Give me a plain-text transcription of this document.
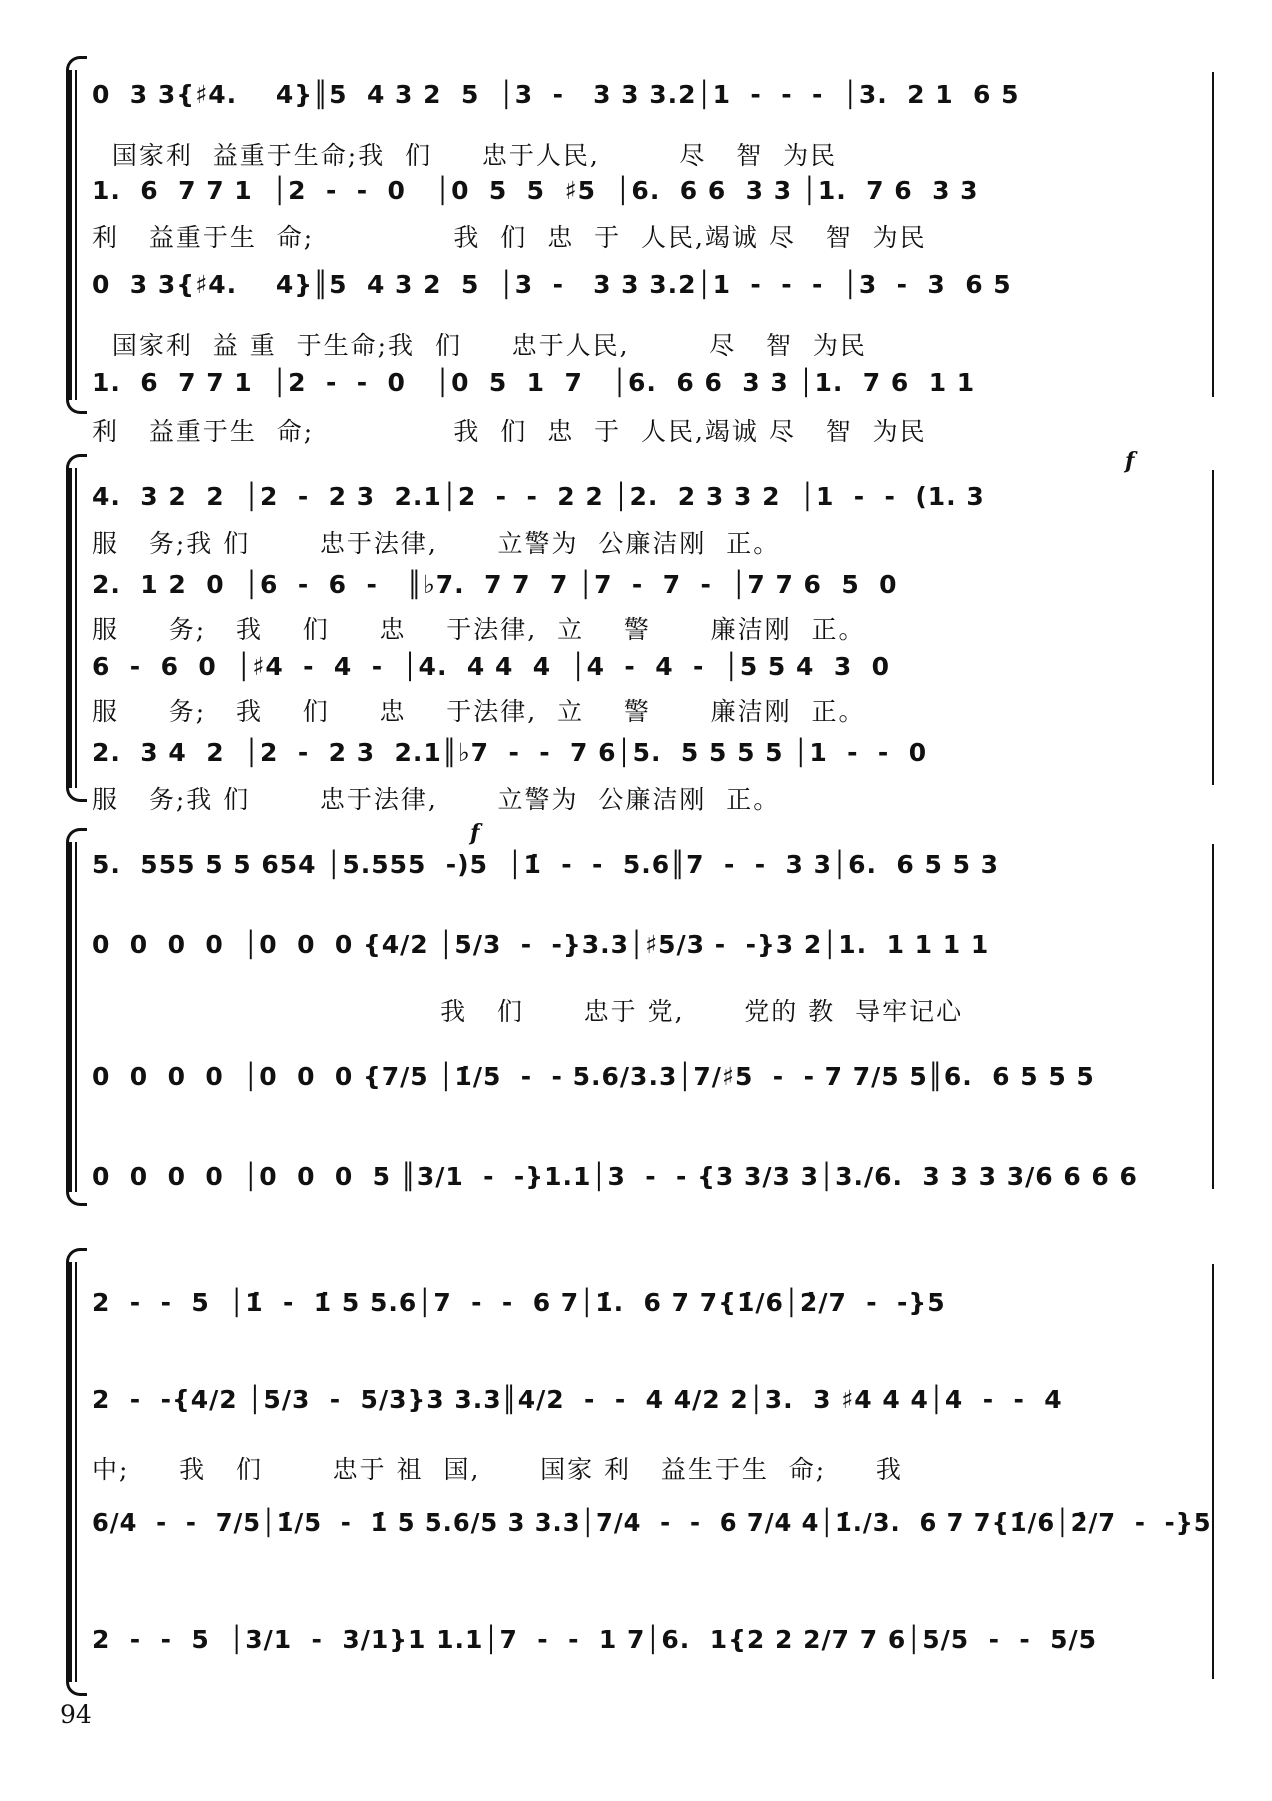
0  3 3{♯4.    4}║5  4 3 2  5  │3  -   3 3 3.2│1  -  -  -  │3.  2 1  6 5
国家利  益重于生命;我  们     忠于人民,        尽   智  为民
1.  6  7 7 1  │2  -  -  0   │0  5  5  ♯5  │6.  6 6  3 3 │1.  7 6  3 3
利   益重于生  命;              我  们  忠  于  人民,竭诚 尽   智  为民
0  3 3{♯4.    4}║5  4 3 2  5  │3  -   3 3 3.2│1  -  -  -  │3  -  3  6 5
国家利  益 重  于生命;我  们     忠于人民,        尽   智  为民
1.  6  7 7 1  │2  -  -  0   │0  5  1  7   │6.  6 6  3 3 │1.  7 6  1 1
利   益重于生  命;              我  们  忠  于  人民,竭诚 尽   智  为民
f
4.  3 2  2  │2  -  2 3  2.1│2  -  -  2 2 │2.  2 3 3 2  │1  -  -  (1. 3
服   务;我 们       忠于法律,      立警为  公廉洁刚  正。
2.  1 2  0  │6  -  6  -   ║♭7.  7 7  7 │7  -  7  -  │7 7 6  5  0
服     务;   我    们     忠    于法律,  立    警      廉洁刚  正。
6  -  6  0  │♯4  -  4  -  │4.  4 4  4  │4  -  4  -  │5 5 4  3  0
服     务;   我    们     忠    于法律,  立    警      廉洁刚  正。
2.  3 4  2  │2  -  2 3  2.1║♭7  -  -  7 6│5.  5 5 5 5 │1  -  -  0
服   务;我 们       忠于法律,      立警为  公廉洁刚  正。
f
5.  555 5 5 654 │5.555  -)5  │1̇  -  -  5.6║7  -  -  3 3│6.  6 5 5 3
0  0  0  0  │0  0  0 {4/2 │5/3  -  -}3.3│♯5/3 -  -}3 2│1.  1 1 1 1
我   们      忠于 党,      党的 教  导牢记心
0  0  0  0  │0  0  0 {7/5 │1̇/5  -  - 5.6/3.3│7/♯5  -  - 7 7/5 5║6.  6 5 5 5
0  0  0  0  │0  0  0  5 ║3/1  -  -}1.1│3  -  - {3 3/3 3│3./6.  3 3 3 3/6 6 6 6
2  -  -  5  │1̇  -  1̇ 5 5.6│7  -  -  6 7│1̇.  6 7 7{1̇/6│2̇/7  -  -}5
2  -  -{4/2 │5/3  -  5/3}3 3.3║4/2  -  -  4 4/2 2│3.  3 ♯4 4 4│4  -  -  4
中;     我   们       忠于 祖  国,      国家 利   益生于生  命;     我
6/4  -  -  7/5│1̇/5  -  1̇ 5 5.6/5 3 3.3│7/4  -  -  6 7/4 4│1̇./3.  6 7 7{1̇/6│2̇/7  -  -}5
2  -  -  5  │3/1  -  3/1}1 1.1│7  -  -  1 7│6.  1{2 2 2/7 7 6│5/5  -  -  5/5
94
